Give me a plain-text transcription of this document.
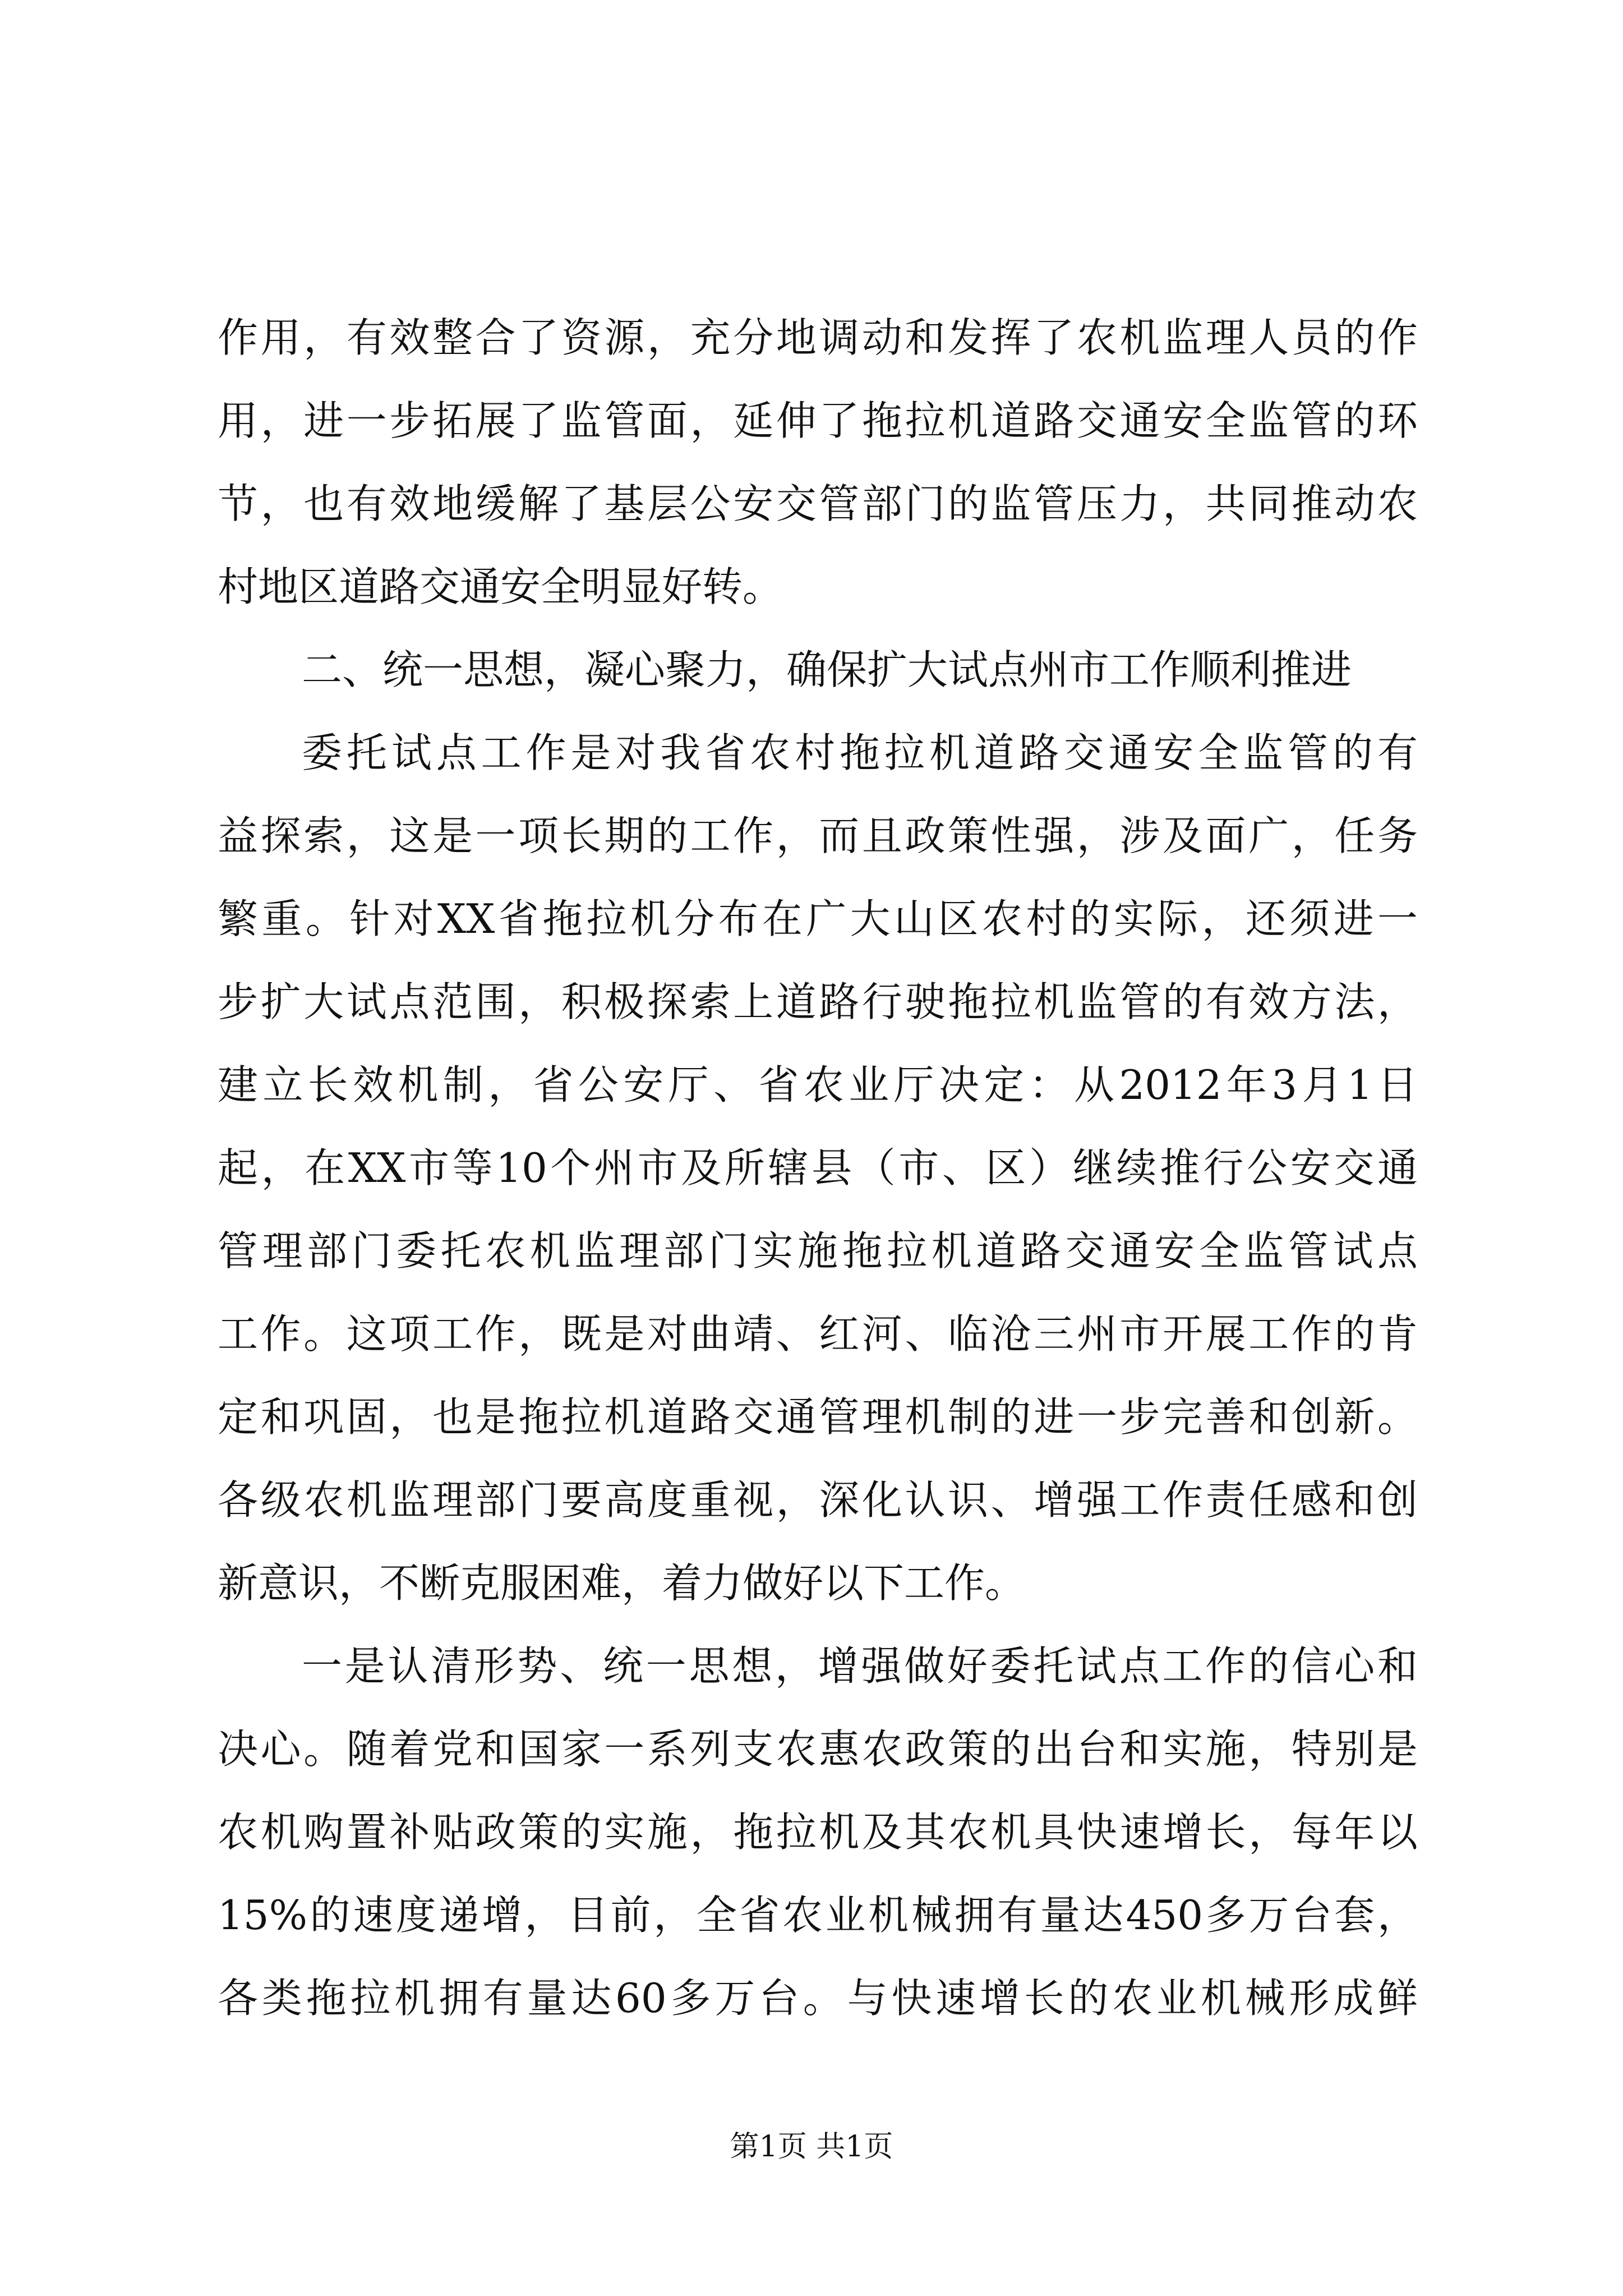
作用，有效整合了资源，充分地调动和发挥了农机监理人员的作
用，进一步拓展了监管面，延伸了拖拉机道路交通安全监管的环
节，也有效地缓解了基层公安交管部门的监管压力，共同推动农
村地区道路交通安全明显好转。
二、统一思想，凝心聚力，确保扩大试点州市工作顺利推进
委托试点工作是对我省农村拖拉机道路交通安全监管的有
益探索，这是一项长期的工作，而且政策性强，涉及面广，任务
繁重。针对XX省拖拉机分布在广大山区农村的实际，还须进一
步扩大试点范围，积极探索上道路行驶拖拉机监管的有效方法，
建立长效机制，省公安厅、省农业厅决定：从2012年3月1日
起，在XX市等10个州市及所辖县（市、区）继续推行公安交通
管理部门委托农机监理部门实施拖拉机道路交通安全监管试点
工作。这项工作，既是对曲靖、红河、临沧三州市开展工作的肯
定和巩固，也是拖拉机道路交通管理机制的进一步完善和创新。
各级农机监理部门要高度重视，深化认识、增强工作责任感和创
新意识，不断克服困难，着力做好以下工作。
一是认清形势、统一思想，增强做好委托试点工作的信心和
决心。随着党和国家一系列支农惠农政策的出台和实施，特别是
农机购置补贴政策的实施，拖拉机及其农机具快速增长，每年以
15%的速度递增，目前，全省农业机械拥有量达450多万台套，
各类拖拉机拥有量达60多万台。与快速增长的农业机械形成鲜
第1页 共1页
